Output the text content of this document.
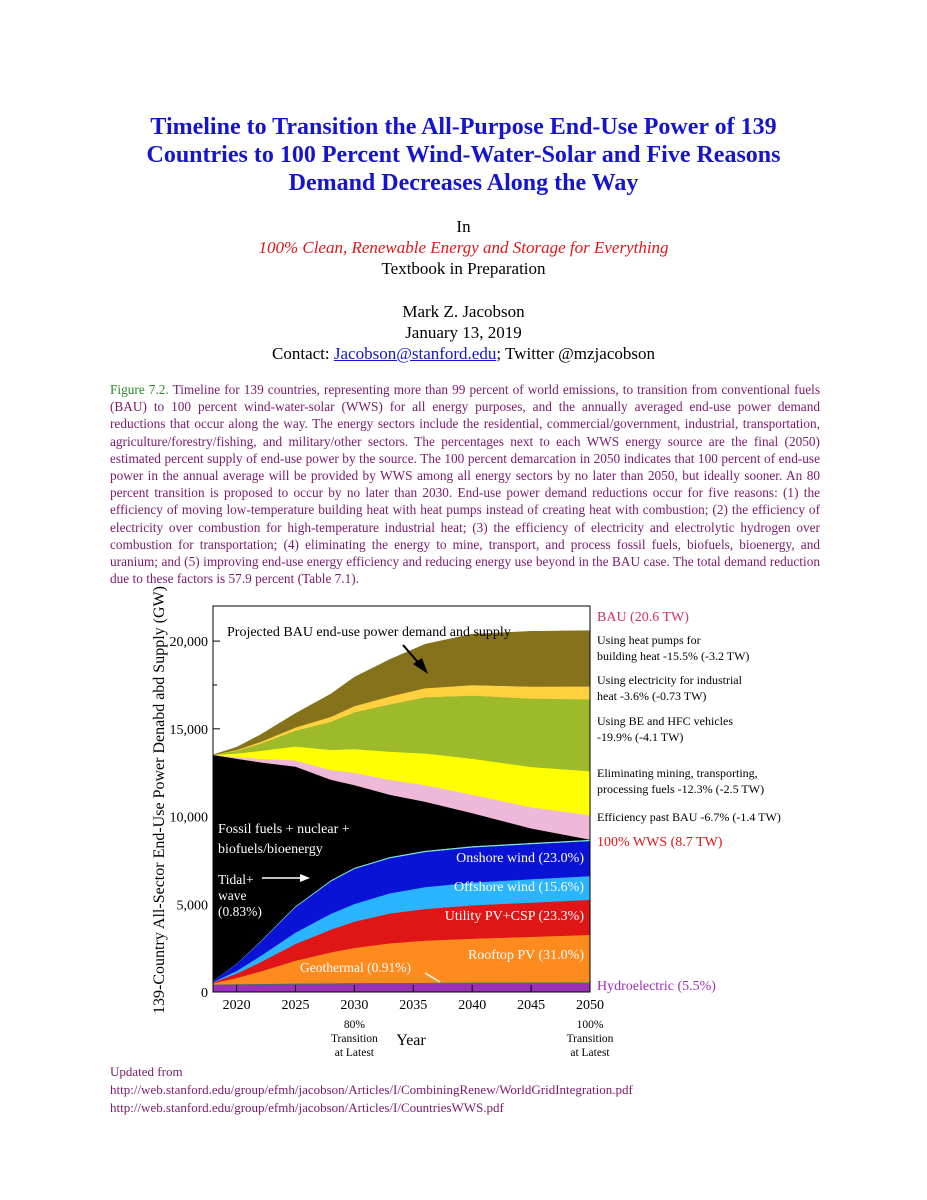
Timeline to Transition the All-Purpose End-Use Power of 139
Countries to 100 Percent Wind-Water-Solar and Five Reasons
Demand Decreases Along the Way
In
100% Clean, Renewable Energy and Storage for Everything
Textbook in Preparation
Mark Z. Jacobson
January 13, 2019
Contact: Jacobson@stanford.edu; Twitter @mzjacobson

Figure 7.2. Timeline for 139 countries, representing more than 99 percent of world emissions, to transition from conventional fuels (BAU) to 100 percent wind-water-solar (WWS) for all energy purposes, and the annually averaged end-use power demand reductions that occur along the way. The energy sectors include the residential, commercial/government, industrial, transportation, agriculture/forestry/fishing, and military/other sectors. The percentages next to each WWS energy source are the final (2050) estimated percent supply of end-use power by the source. The 100 percent demarcation in 2050 indicates that 100 percent of end-use power in the annual average will be provided by WWS among all energy sectors by no later than 2050, but ideally sooner. An 80 percent transition is proposed to occur by no later than 2030. End-use power demand reductions occur for five reasons: (1) the efficiency of moving low-temperature building heat with heat pumps instead of creating heat with combustion; (2) the efficiency of electricity over combustion for high-temperature industrial heat; (3) the efficiency of electricity and electrolytic hydrogen over combustion for transportation; (4) eliminating the energy to mine, transport, and process fossil fuels, biofuels, bioenergy, and uranium; and (5) improving end-use energy efficiency and reducing energy use beyond in the BAU case. The total demand reduction due to these factors is 57.9 percent (Table 7.1).

0
5,000
10,000
15,000
20,000
2020 2025 2030 2035 2040 2045 2050
Year
139-Country All-Sector End-Use Power Denabd abd Supply (GW)
80%
Transition
at Latest
100%
Transition
at Latest
Projected BAU end-use power demand and supply
Fossil fuels + nuclear +
biofuels/bioenergy
Tidal+
wave
(0.83%)
Onshore wind (23.0%)
Offshore wind (15.6%)
Utility PV+CSP (23.3%)
Rooftop PV (31.0%)
Geothermal (0.91%)
BAU (20.6 TW)
100% WWS (8.7 TW)
Hydroelectric (5.5%)
Using heat pumps for
building heat -15.5% (-3.2 TW)
Using electricity for industrial
heat -3.6% (-0.73 TW)
Using BE and HFC vehicles
-19.9% (-4.1 TW)
Eliminating mining, transporting,
processing fuels -12.3% (-2.5 TW)
Efficiency past BAU -6.7% (-1.4 TW)
Updated from
http://web.stanford.edu/group/efmh/jacobson/Articles/I/CombiningRenew/WorldGridIntegration.pdf
http://web.stanford.edu/group/efmh/jacobson/Articles/I/CountriesWWS.pdf
